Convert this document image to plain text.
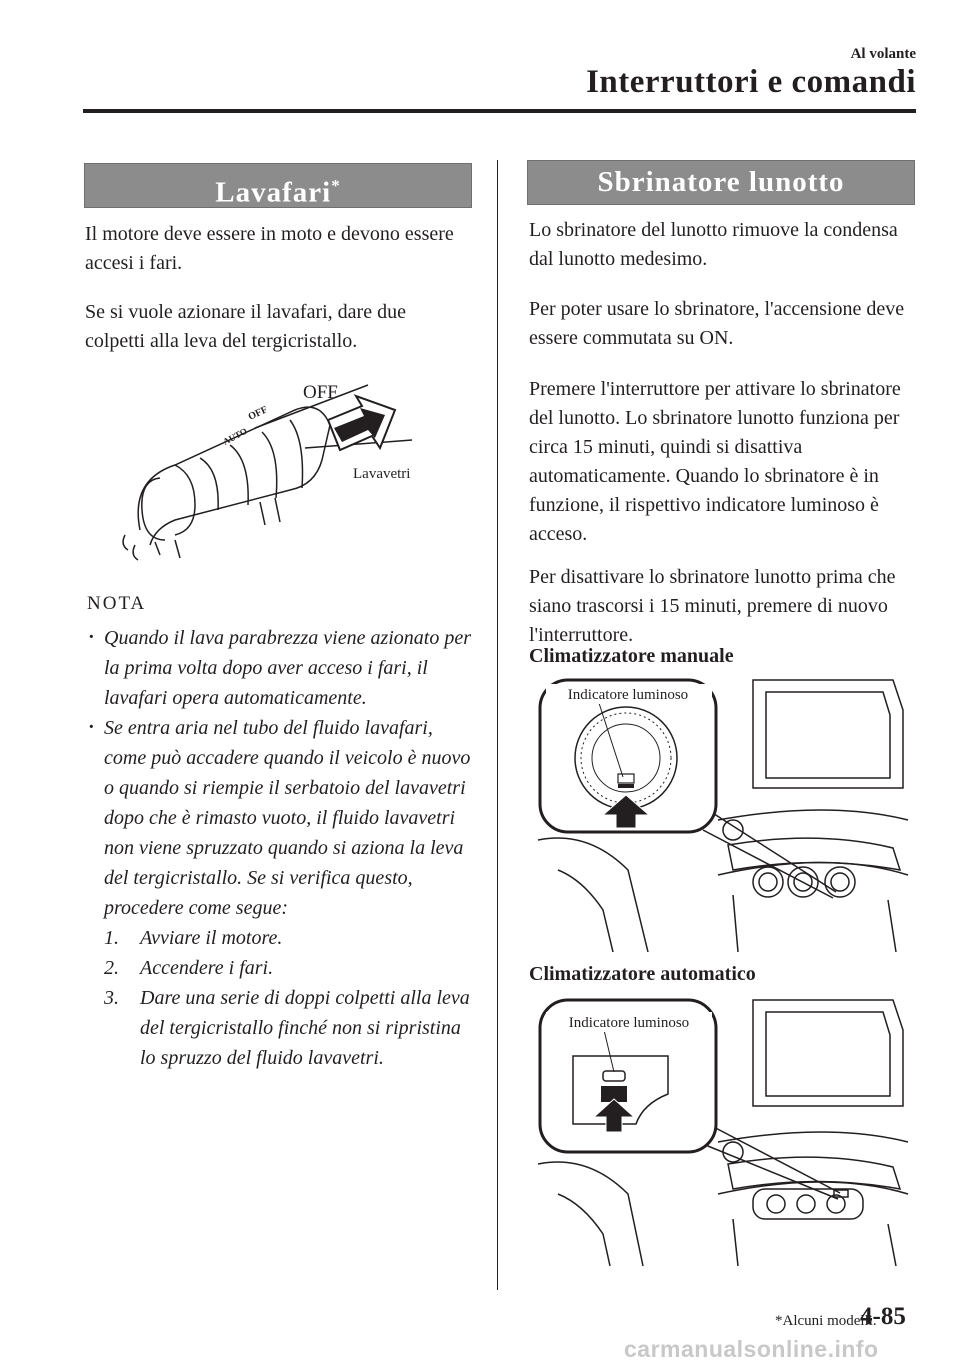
Al volante
Interruttori e comandi
Lavafari*

Il motore deve essere in moto e devono essere accesi i fari.

Se si vuole azionare il lavafari, dare due colpetti alla leva del tergicristallo.

AUTO
OFF
OFF
Lavavetri
NOTA
· Quando il lava parabrezza viene azionato per la prima volta dopo aver acceso i fari, il lavafari opera automaticamente.
· Se entra aria nel tubo del fluido lavafari, come può accadere quando il veicolo è nuovo o quando si riempie il serbatoio del lavavetri dopo che è rimasto vuoto, il fluido lavavetri non viene spruzzato quando si aziona la leva del tergicristallo. Se si verifica questo, procedere come segue:
1. Avviare il motore.
2. Accendere i fari.
3. Dare una serie di doppi colpetti alla leva del tergicristallo finché non si ripristina lo spruzzo del fluido lavavetri.
Sbrinatore lunotto

Lo sbrinatore del lunotto rimuove la condensa dal lunotto medesimo.

Per poter usare lo sbrinatore, l'accensione deve essere commutata su ON.

Premere l'interruttore per attivare lo sbrinatore del lunotto. Lo sbrinatore lunotto funziona per circa 15 minuti, quindi si disattiva automaticamente. Quando lo sbrinatore è in funzione, il rispettivo indicatore luminoso è acceso.

Per disattivare lo sbrinatore lunotto prima che siano trascorsi i 15 minuti, premere di nuovo l'interruttore.

Climatizzatore manuale
Indicatore luminoso
Climatizzatore automatico
Indicatore luminoso
*Alcuni modelli.
4-85
carmanualsonline.info
